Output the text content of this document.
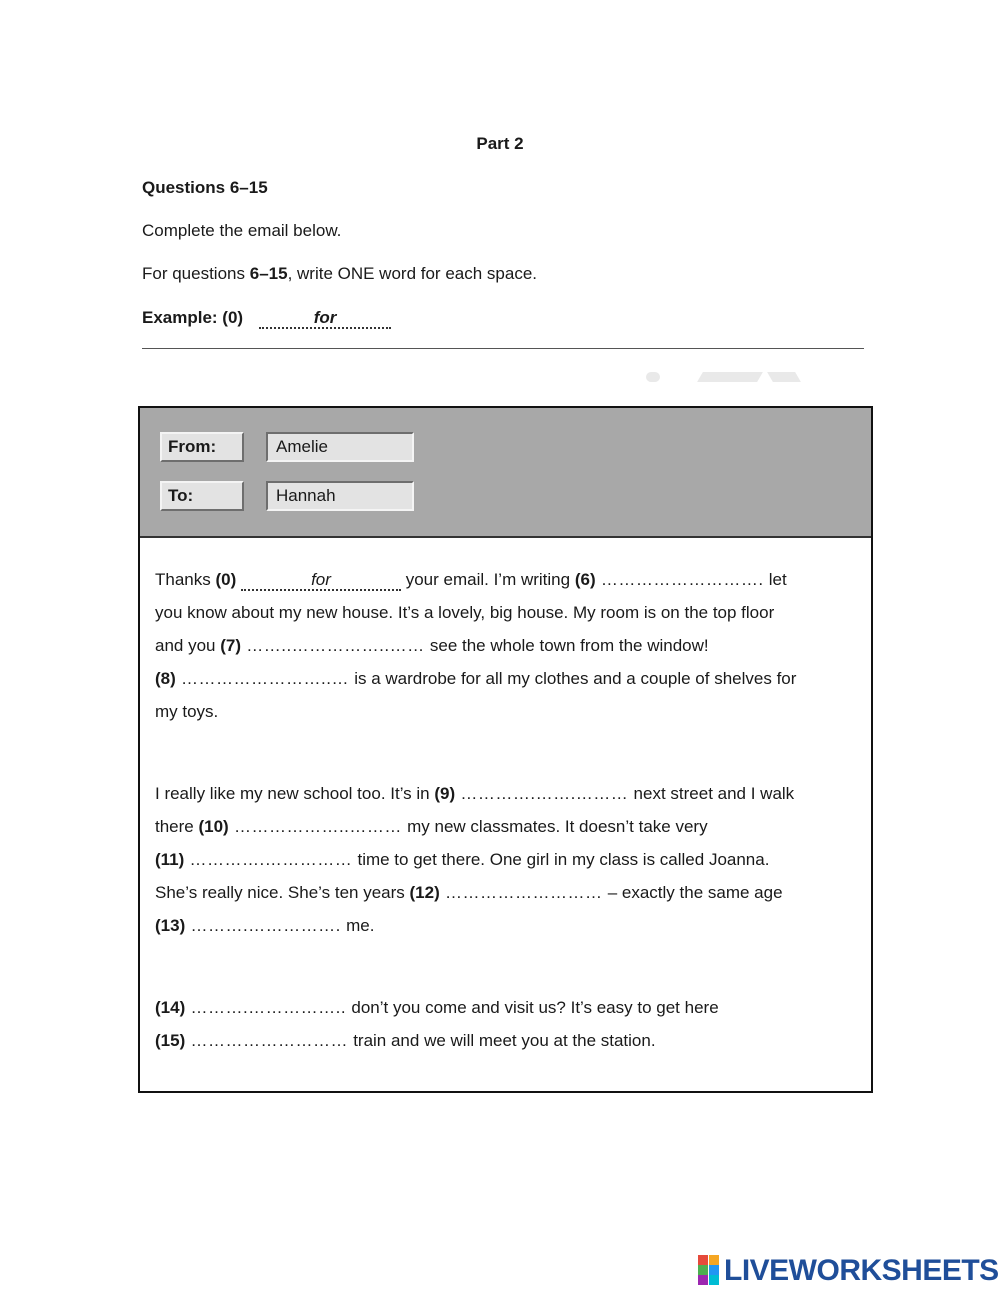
Part 2
Questions 6–15
Complete the email below.
For questions 6–15, write ONE word for each space.
Example: (0)	for
From:	Amelie
To:	Hannah
Thanks (0)	for	your email. I’m writing (6) ………………………. let
you know about my new house. It’s a lovely, big house. My room is on the top floor
and you (7) ……..……………..…… see the whole town from the window!
(8) ……………………..… is a wardrobe for all my clothes and a couple of shelves for
my toys.
I really like my new school too. It’s in (9) ………….…….……… next street and I walk
there (10) ………………..……… my new classmates. It doesn’t take very
(11) ………….…………… time to get there. One girl in my class is called Joanna.
She’s really nice. She’s ten years (12) ……………………… – exactly the same age
(13) ……….……………. me.
(14) ……….…………….. don’t you come and visit us? It’s easy to get here
(15) ……………………… train and we will meet you at the station.
LIVEWORKSHEETS
